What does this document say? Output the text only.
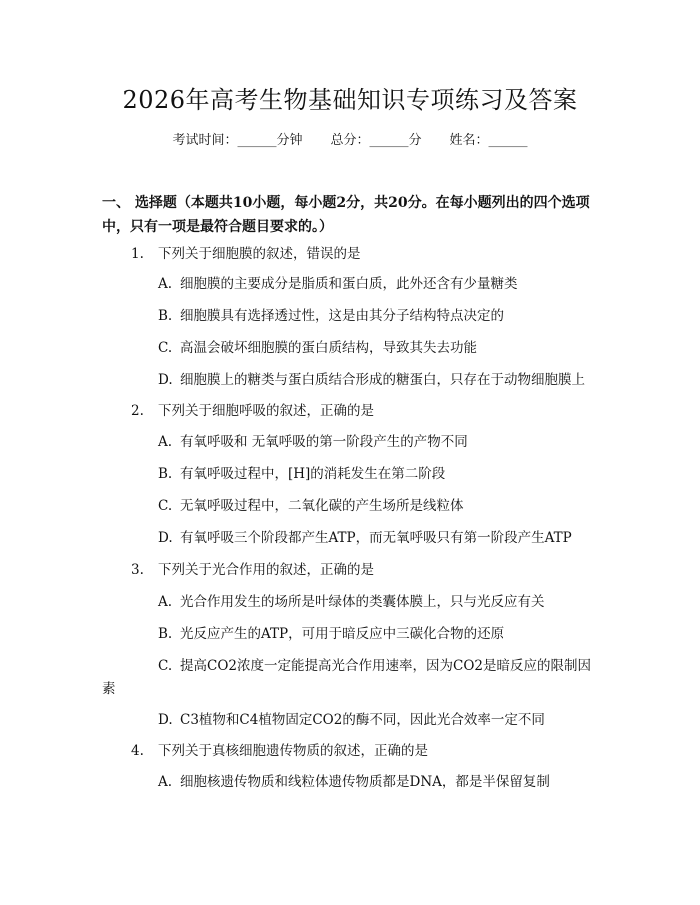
2026年高考生物基础知识专项练习及答案
考试时间：______分钟 总分：______分 姓名：______
一、 选择题（本题共10小题，每小题2分，共20分。在每小题列出的四个选项
中，只有一项是最符合题目要求的。）
1. 下列关于细胞膜的叙述，错误的是
A. 细胞膜的主要成分是脂质和蛋白质，此外还含有少量糖类
B. 细胞膜具有选择透过性，这是由其分子结构特点决定的
C. 高温会破坏细胞膜的蛋白质结构，导致其失去功能
D. 细胞膜上的糖类与蛋白质结合形成的糖蛋白，只存在于动物细胞膜上
2. 下列关于细胞呼吸的叙述，正确的是
A. 有氧呼吸和 无氧呼吸的第一阶段产生的产物不同
B. 有氧呼吸过程中，[H]的消耗发生在第二阶段
C. 无氧呼吸过程中，二氧化碳的产生场所是线粒体
D. 有氧呼吸三个阶段都产生ATP，而无氧呼吸只有第一阶段产生ATP
3. 下列关于光合作用的叙述，正确的是
A. 光合作用发生的场所是叶绿体的类囊体膜上，只与光反应有关
B. 光反应产生的ATP，可用于暗反应中三碳化合物的还原
C. 提高CO2浓度一定能提高光合作用速率，因为CO2是暗反应的限制因
素
D. C3植物和C4植物固定CO2的酶不同，因此光合效率一定不同
4. 下列关于真核细胞遗传物质的叙述，正确的是
A. 细胞核遗传物质和线粒体遗传物质都是DNA，都是半保留复制
